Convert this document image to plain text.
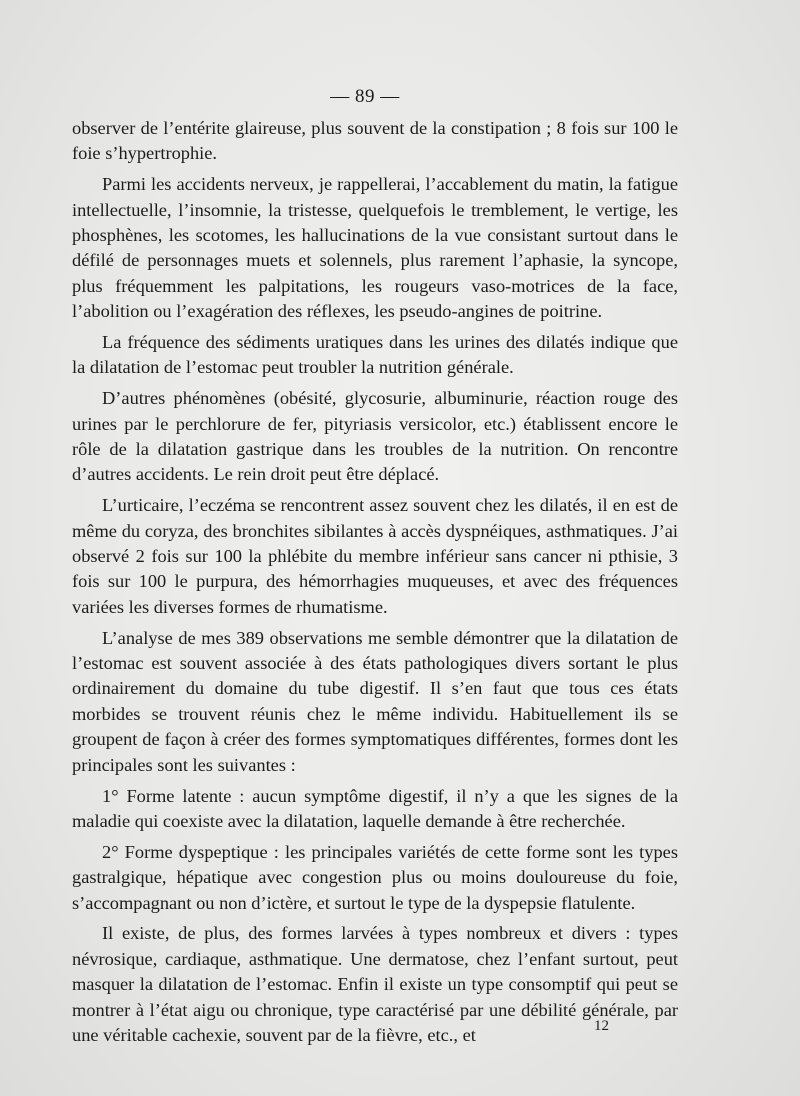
— 89 —

observer de l’entérite glaireuse, plus souvent de la constipation ; 8 fois sur 100 le foie s’hypertrophie.

Parmi les accidents nerveux, je rappellerai, l’accablement du matin, la fatigue intellectuelle, l’insomnie, la tristesse, quelquefois le tremblement, le vertige, les phosphènes, les scotomes, les hallucinations de la vue consistant surtout dans le défilé de personnages muets et solennels, plus rarement l’aphasie, la syncope, plus fréquemment les palpitations, les rougeurs vaso-motrices de la face, l’abolition ou l’exagération des réflexes, les pseudo-angines de poitrine.

La fréquence des sédiments uratiques dans les urines des dilatés indique que la dilatation de l’estomac peut troubler la nutrition générale.

D’autres phénomènes (obésité, glycosurie, albuminurie, réaction rouge des urines par le perchlorure de fer, pityriasis versicolor, etc.) établissent encore le rôle de la dilatation gastrique dans les troubles de la nutrition. On rencontre d’autres accidents. Le rein droit peut être déplacé.

L’urticaire, l’eczéma se rencontrent assez souvent chez les dilatés, il en est de même du coryza, des bronchites sibilantes à accès dyspnéiques, asthmatiques. J’ai observé 2 fois sur 100 la phlébite du membre inférieur sans cancer ni pthisie, 3 fois sur 100 le purpura, des hémorrhagies muqueuses, et avec des fréquences variées les diverses formes de rhumatisme.

L’analyse de mes 389 observations me semble démontrer que la dilatation de l’estomac est souvent associée à des états pathologiques divers sortant le plus ordinairement du domaine du tube digestif. Il s’en faut que tous ces états morbides se trouvent réunis chez le même individu. Habituellement ils se groupent de façon à créer des formes symptomatiques différentes, formes dont les principales sont les suivantes :

1° Forme latente : aucun symptôme digestif, il n’y a que les signes de la maladie qui coexiste avec la dilatation, laquelle demande à être recherchée.

2° Forme dyspeptique : les principales variétés de cette forme sont les types gastralgique, hépatique avec congestion plus ou moins douloureuse du foie, s’accompagnant ou non d’ictère, et surtout le type de la dyspepsie flatulente.

Il existe, de plus, des formes larvées à types nombreux et divers : types névrosique, cardiaque, asthmatique. Une dermatose, chez l’enfant surtout, peut masquer la dilatation de l’estomac. Enfin il existe un type consomptif qui peut se montrer à l’état aigu ou chronique, type caractérisé par une débilité générale, par une véritable cachexie, souvent par de la fièvre, etc., et	12
